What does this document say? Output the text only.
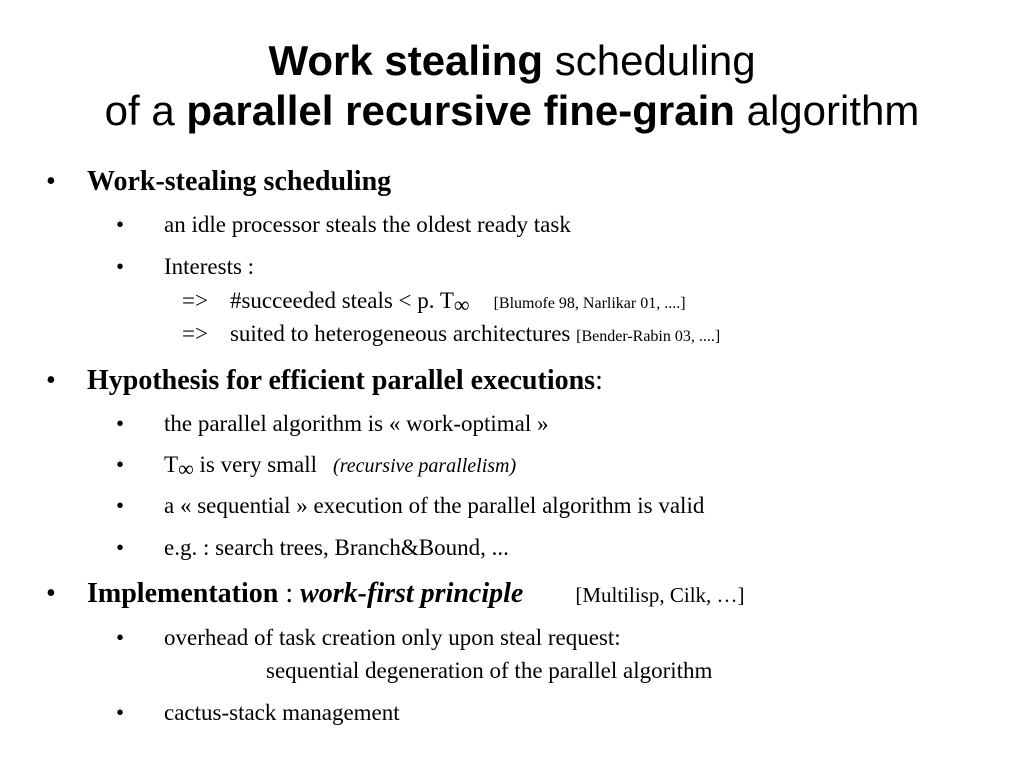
Work stealing scheduling
of a parallel recursive fine-grain algorithm
• Work-stealing scheduling
• an idle processor steals the oldest ready task
• Interests :
=> #succeeded steals < p. T∞ [Blumofe 98, Narlikar 01, ....]
=> suited to heterogeneous architectures [Bender-Rabin 03, ....]
• Hypothesis for efficient parallel executions:
• the parallel algorithm is « work-optimal »
• T∞ is very small (recursive parallelism)
• a « sequential » execution of the parallel algorithm is valid
• e.g. : search trees, Branch&Bound, ...
• Implementation : work-first principle [Multilisp, Cilk, …]
• overhead of task creation only upon steal request:
sequential degeneration of the parallel algorithm
• cactus-stack management
